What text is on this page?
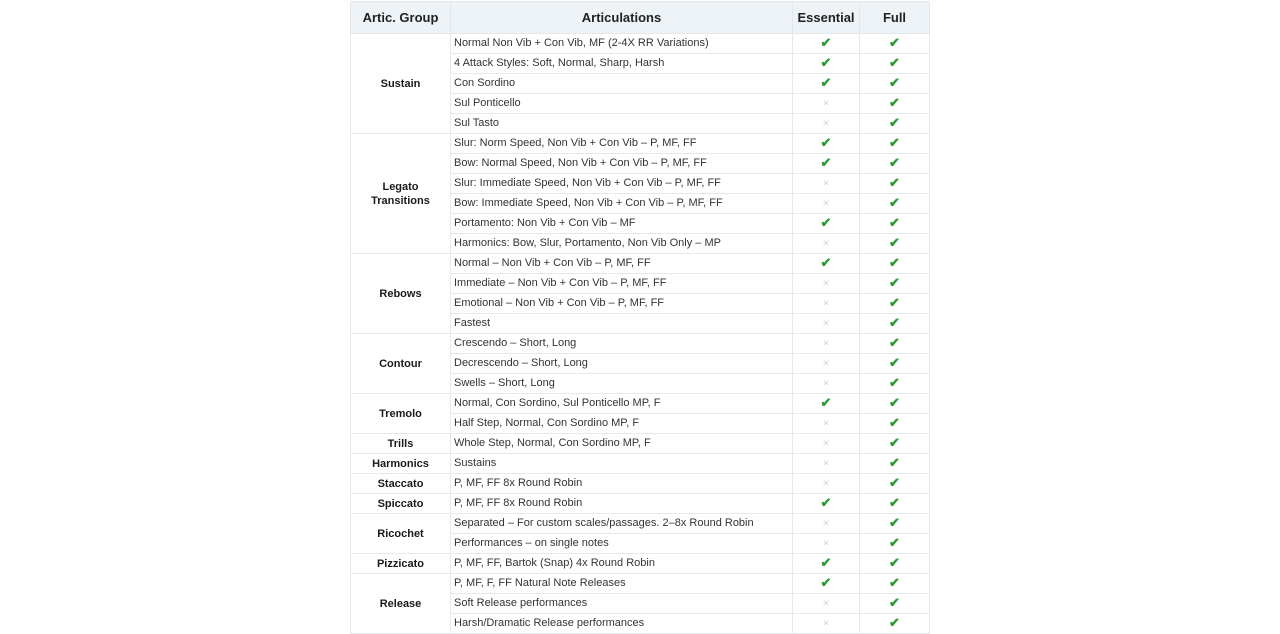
Artic. Group	Articulations	Essential	Full
Sustain	Normal Non Vib + Con Vib, MF (2-4X RR Variations)	✔	✔
	4 Attack Styles: Soft, Normal, Sharp, Harsh	✔	✔
	Con Sordino	✔	✔
	Sul Ponticello	✕	✔
	Sul Tasto	✕	✔
Legato Transitions	Slur: Norm Speed, Non Vib + Con Vib – P, MF, FF	✔	✔
	Bow: Normal Speed, Non Vib + Con Vib – P, MF, FF	✔	✔
	Slur: Immediate Speed, Non Vib + Con Vib – P, MF, FF	✕	✔
	Bow: Immediate Speed, Non Vib + Con Vib – P, MF, FF	✕	✔
	Portamento: Non Vib + Con Vib – MF	✔	✔
	Harmonics: Bow, Slur, Portamento, Non Vib Only – MP	✕	✔
Rebows	Normal – Non Vib + Con Vib – P, MF, FF	✔	✔
	Immediate – Non Vib + Con Vib – P, MF, FF	✕	✔
	Emotional – Non Vib + Con Vib – P, MF, FF	✕	✔
	Fastest	✕	✔
Contour	Crescendo – Short, Long	✕	✔
	Decrescendo – Short, Long	✕	✔
	Swells – Short, Long	✕	✔
Tremolo	Normal, Con Sordino, Sul Ponticello MP, F	✔	✔
	Half Step, Normal, Con Sordino MP, F	✕	✔
Trills	Whole Step, Normal, Con Sordino MP, F	✕	✔
Harmonics	Sustains	✕	✔
Staccato	P, MF, FF 8x Round Robin	✕	✔
Spiccato	P, MF, FF 8x Round Robin	✔	✔
Ricochet	Separated – For custom scales/passages. 2–8x Round Robin	✕	✔
	Performances – on single notes	✕	✔
Pizzicato	P, MF, FF, Bartok (Snap) 4x Round Robin	✔	✔
Release	P, MF, F, FF Natural Note Releases	✔	✔
	Soft Release performances	✕	✔
	Harsh/Dramatic Release performances	✕	✔
